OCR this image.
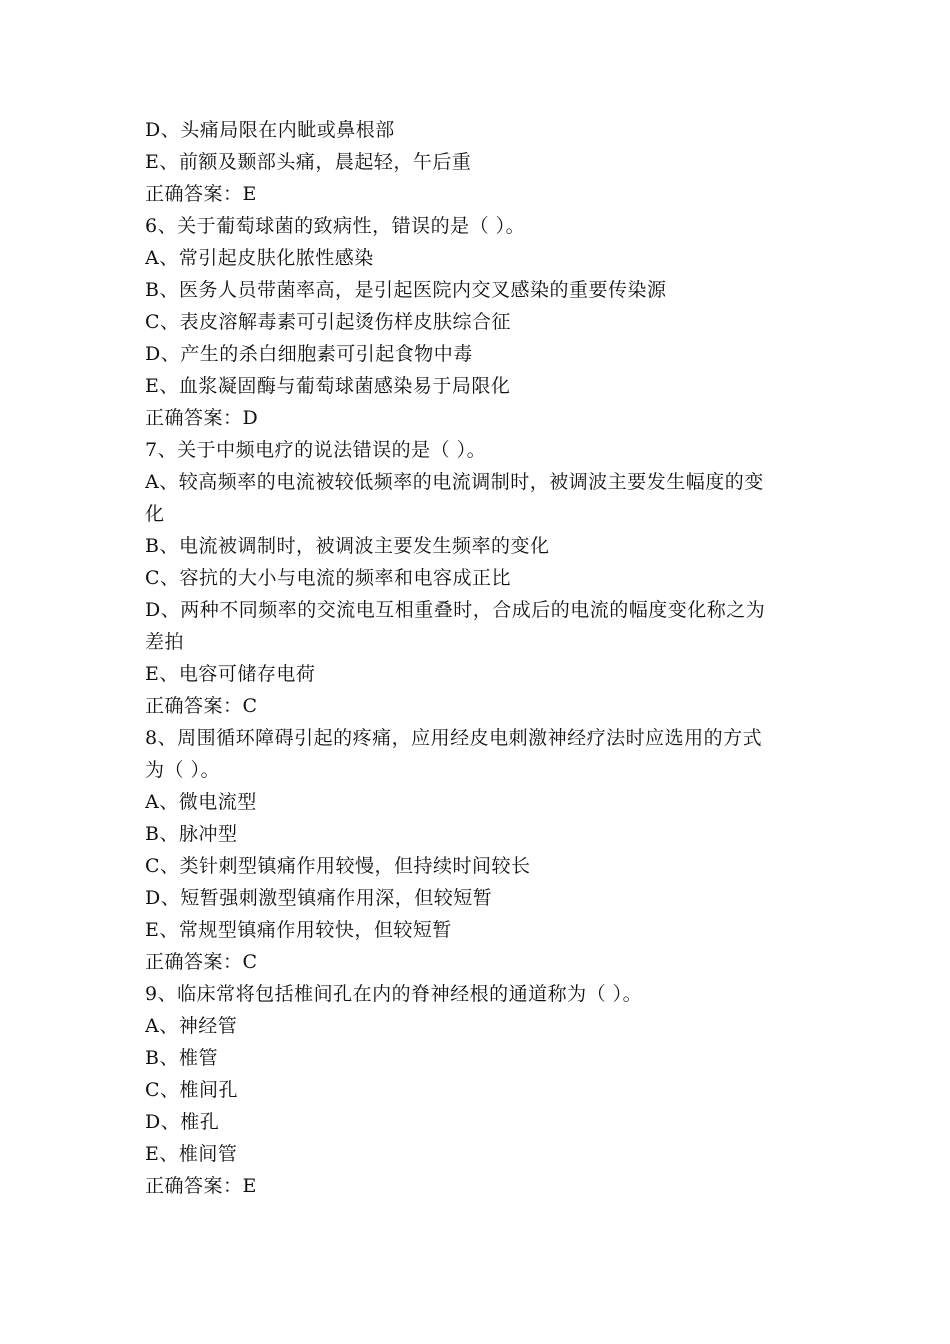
D、头痛局限在内眦或鼻根部
E、前额及颞部头痛，晨起轻，午后重
正确答案：E
6、关于葡萄球菌的致病性，错误的是（ ）。
A、常引起皮肤化脓性感染
B、医务人员带菌率高，是引起医院内交叉感染的重要传染源
C、表皮溶解毒素可引起烫伤样皮肤综合征
D、产生的杀白细胞素可引起食物中毒
E、血浆凝固酶与葡萄球菌感染易于局限化
正确答案：D
7、关于中频电疗的说法错误的是（ ）。
A、较高频率的电流被较低频率的电流调制时，被调波主要发生幅度的变
化
B、电流被调制时，被调波主要发生频率的变化
C、容抗的大小与电流的频率和电容成正比
D、两种不同频率的交流电互相重叠时，合成后的电流的幅度变化称之为
差拍
E、电容可储存电荷
正确答案：C
8、周围循环障碍引起的疼痛，应用经皮电刺激神经疗法时应选用的方式
为（ ）。
A、微电流型
B、脉冲型
C、类针刺型镇痛作用较慢，但持续时间较长
D、短暂强刺激型镇痛作用深，但较短暂
E、常规型镇痛作用较快，但较短暂
正确答案：C
9、临床常将包括椎间孔在内的脊神经根的通道称为（ ）。
A、神经管
B、椎管
C、椎间孔
D、椎孔
E、椎间管
正确答案：E
